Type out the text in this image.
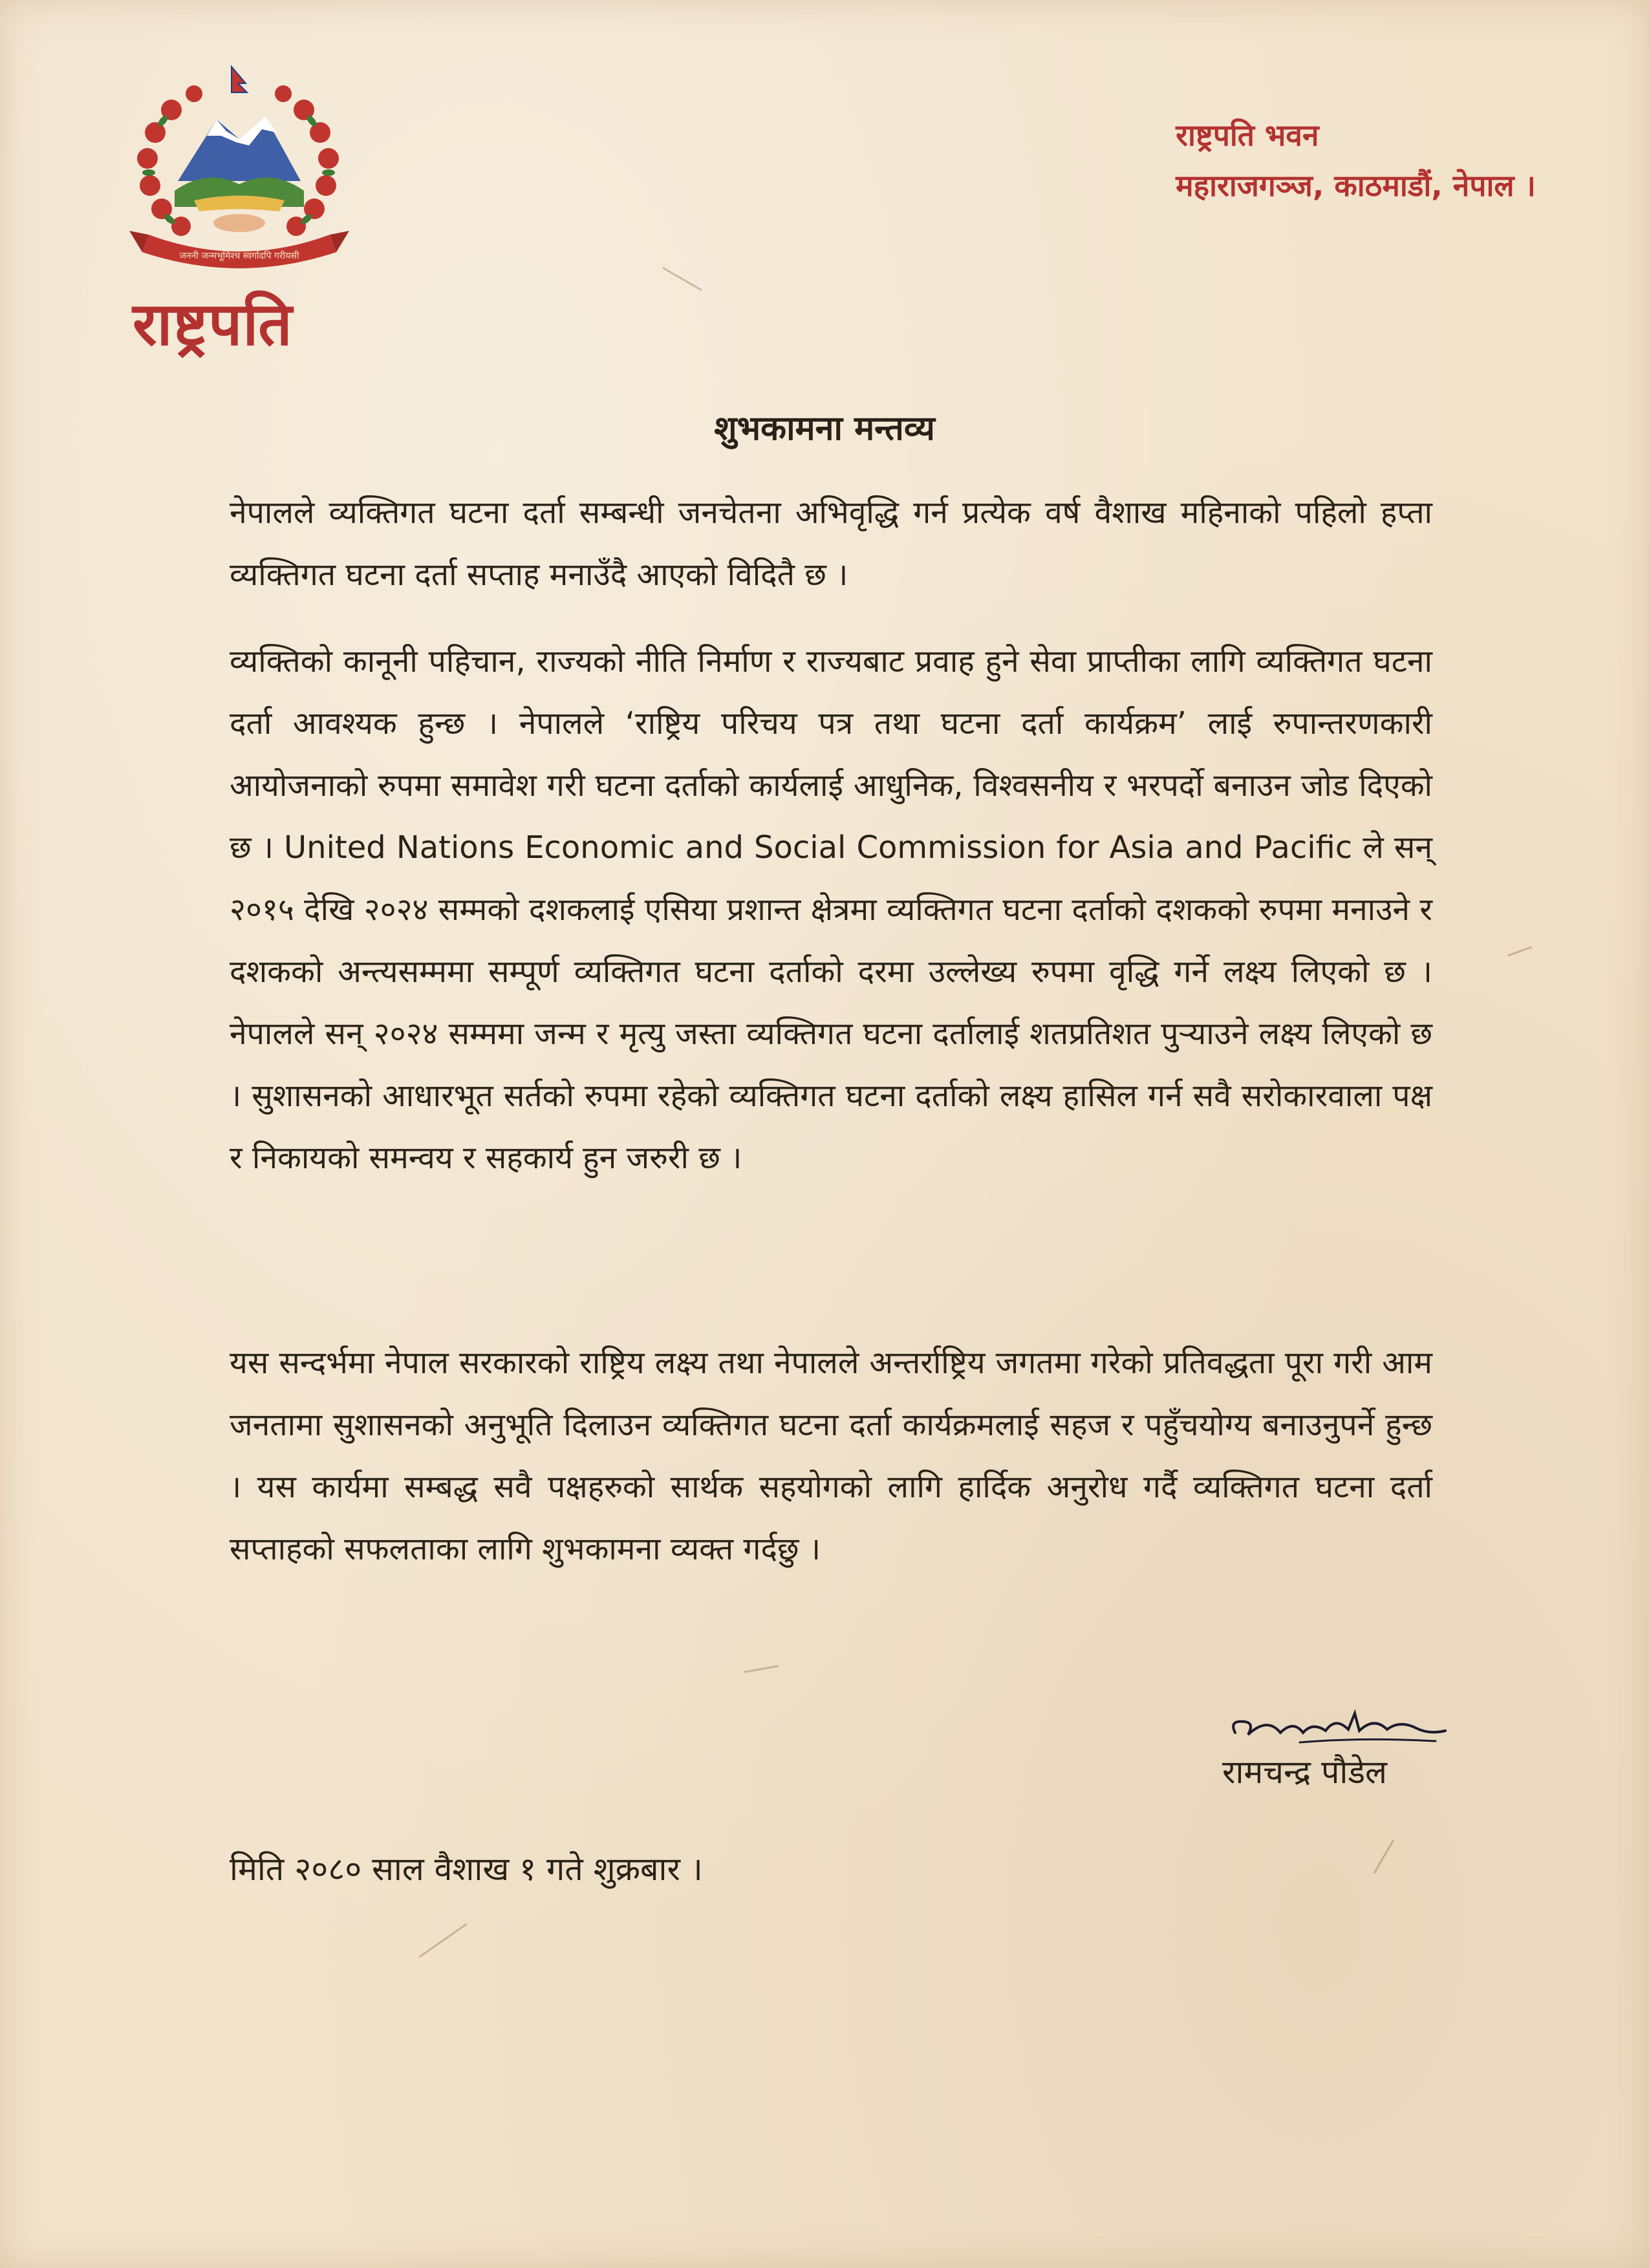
जननी जन्मभूमिश्च स्वर्गादपि गरीयसी
राष्ट्रपति
राष्ट्रपति भवन
महाराजगञ्ज, काठमाडौं, नेपाल ।
शुभकामना मन्तव्य

नेपालले व्यक्तिगत घटना दर्ता सम्बन्धी जनचेतना अभिवृद्धि गर्न प्रत्येक वर्ष वैशाख महिनाको पहिलो हप्ता व्यक्तिगत घटना दर्ता सप्ताह मनाउँदै आएको विदितै छ ।

व्यक्तिको कानूनी पहिचान, राज्यको नीति निर्माण र राज्यबाट प्रवाह हुने सेवा प्राप्तीका लागि व्यक्तिगत घटना दर्ता आवश्यक हुन्छ । नेपालले ‘राष्ट्रिय परिचय पत्र तथा घटना दर्ता कार्यक्रम’ लाई रुपान्तरणकारी आयोजनाको रुपमा समावेश गरी घटना दर्ताको कार्यलाई आधुनिक, विश्वसनीय र भरपर्दो बनाउन जोड दिएको छ । United Nations Economic and Social Commission for Asia and Pacific ले सन् २०१५ देखि २०२४ सम्मको दशकलाई एसिया प्रशान्त क्षेत्रमा व्यक्तिगत घटना दर्ताको दशकको रुपमा मनाउने र दशकको अन्त्यसम्ममा सम्पूर्ण व्यक्तिगत घटना दर्ताको दरमा उल्लेख्य रुपमा वृद्धि गर्ने लक्ष्य लिएको छ । नेपालले सन् २०२४ सम्ममा जन्म र मृत्यु जस्ता व्यक्तिगत घटना दर्तालाई शतप्रतिशत पुऱ्याउने लक्ष्य लिएको छ । सुशासनको आधारभूत सर्तको रुपमा रहेको व्यक्तिगत घटना दर्ताको लक्ष्य हासिल गर्न सवै सरोकारवाला पक्ष र निकायको समन्वय र सहकार्य हुन जरुरी छ ।

यस सन्दर्भमा नेपाल सरकारको राष्ट्रिय लक्ष्य तथा नेपालले अन्तर्राष्ट्रिय जगतमा गरेको प्रतिवद्धता पूरा गरी आम जनतामा सुशासनको अनुभूति दिलाउन व्यक्तिगत घटना दर्ता कार्यक्रमलाई सहज र पहुँचयोग्य बनाउनुपर्ने हुन्छ । यस कार्यमा सम्बद्ध सवै पक्षहरुको सार्थक सहयोगको लागि हार्दिक अनुरोध गर्दै व्यक्तिगत घटना दर्ता सप्ताहको सफलताका लागि शुभकामना व्यक्त गर्दछु ।

रामचन्द्र पौडेल
मिति २०८० साल वैशाख १ गते शुक्रबार ।
